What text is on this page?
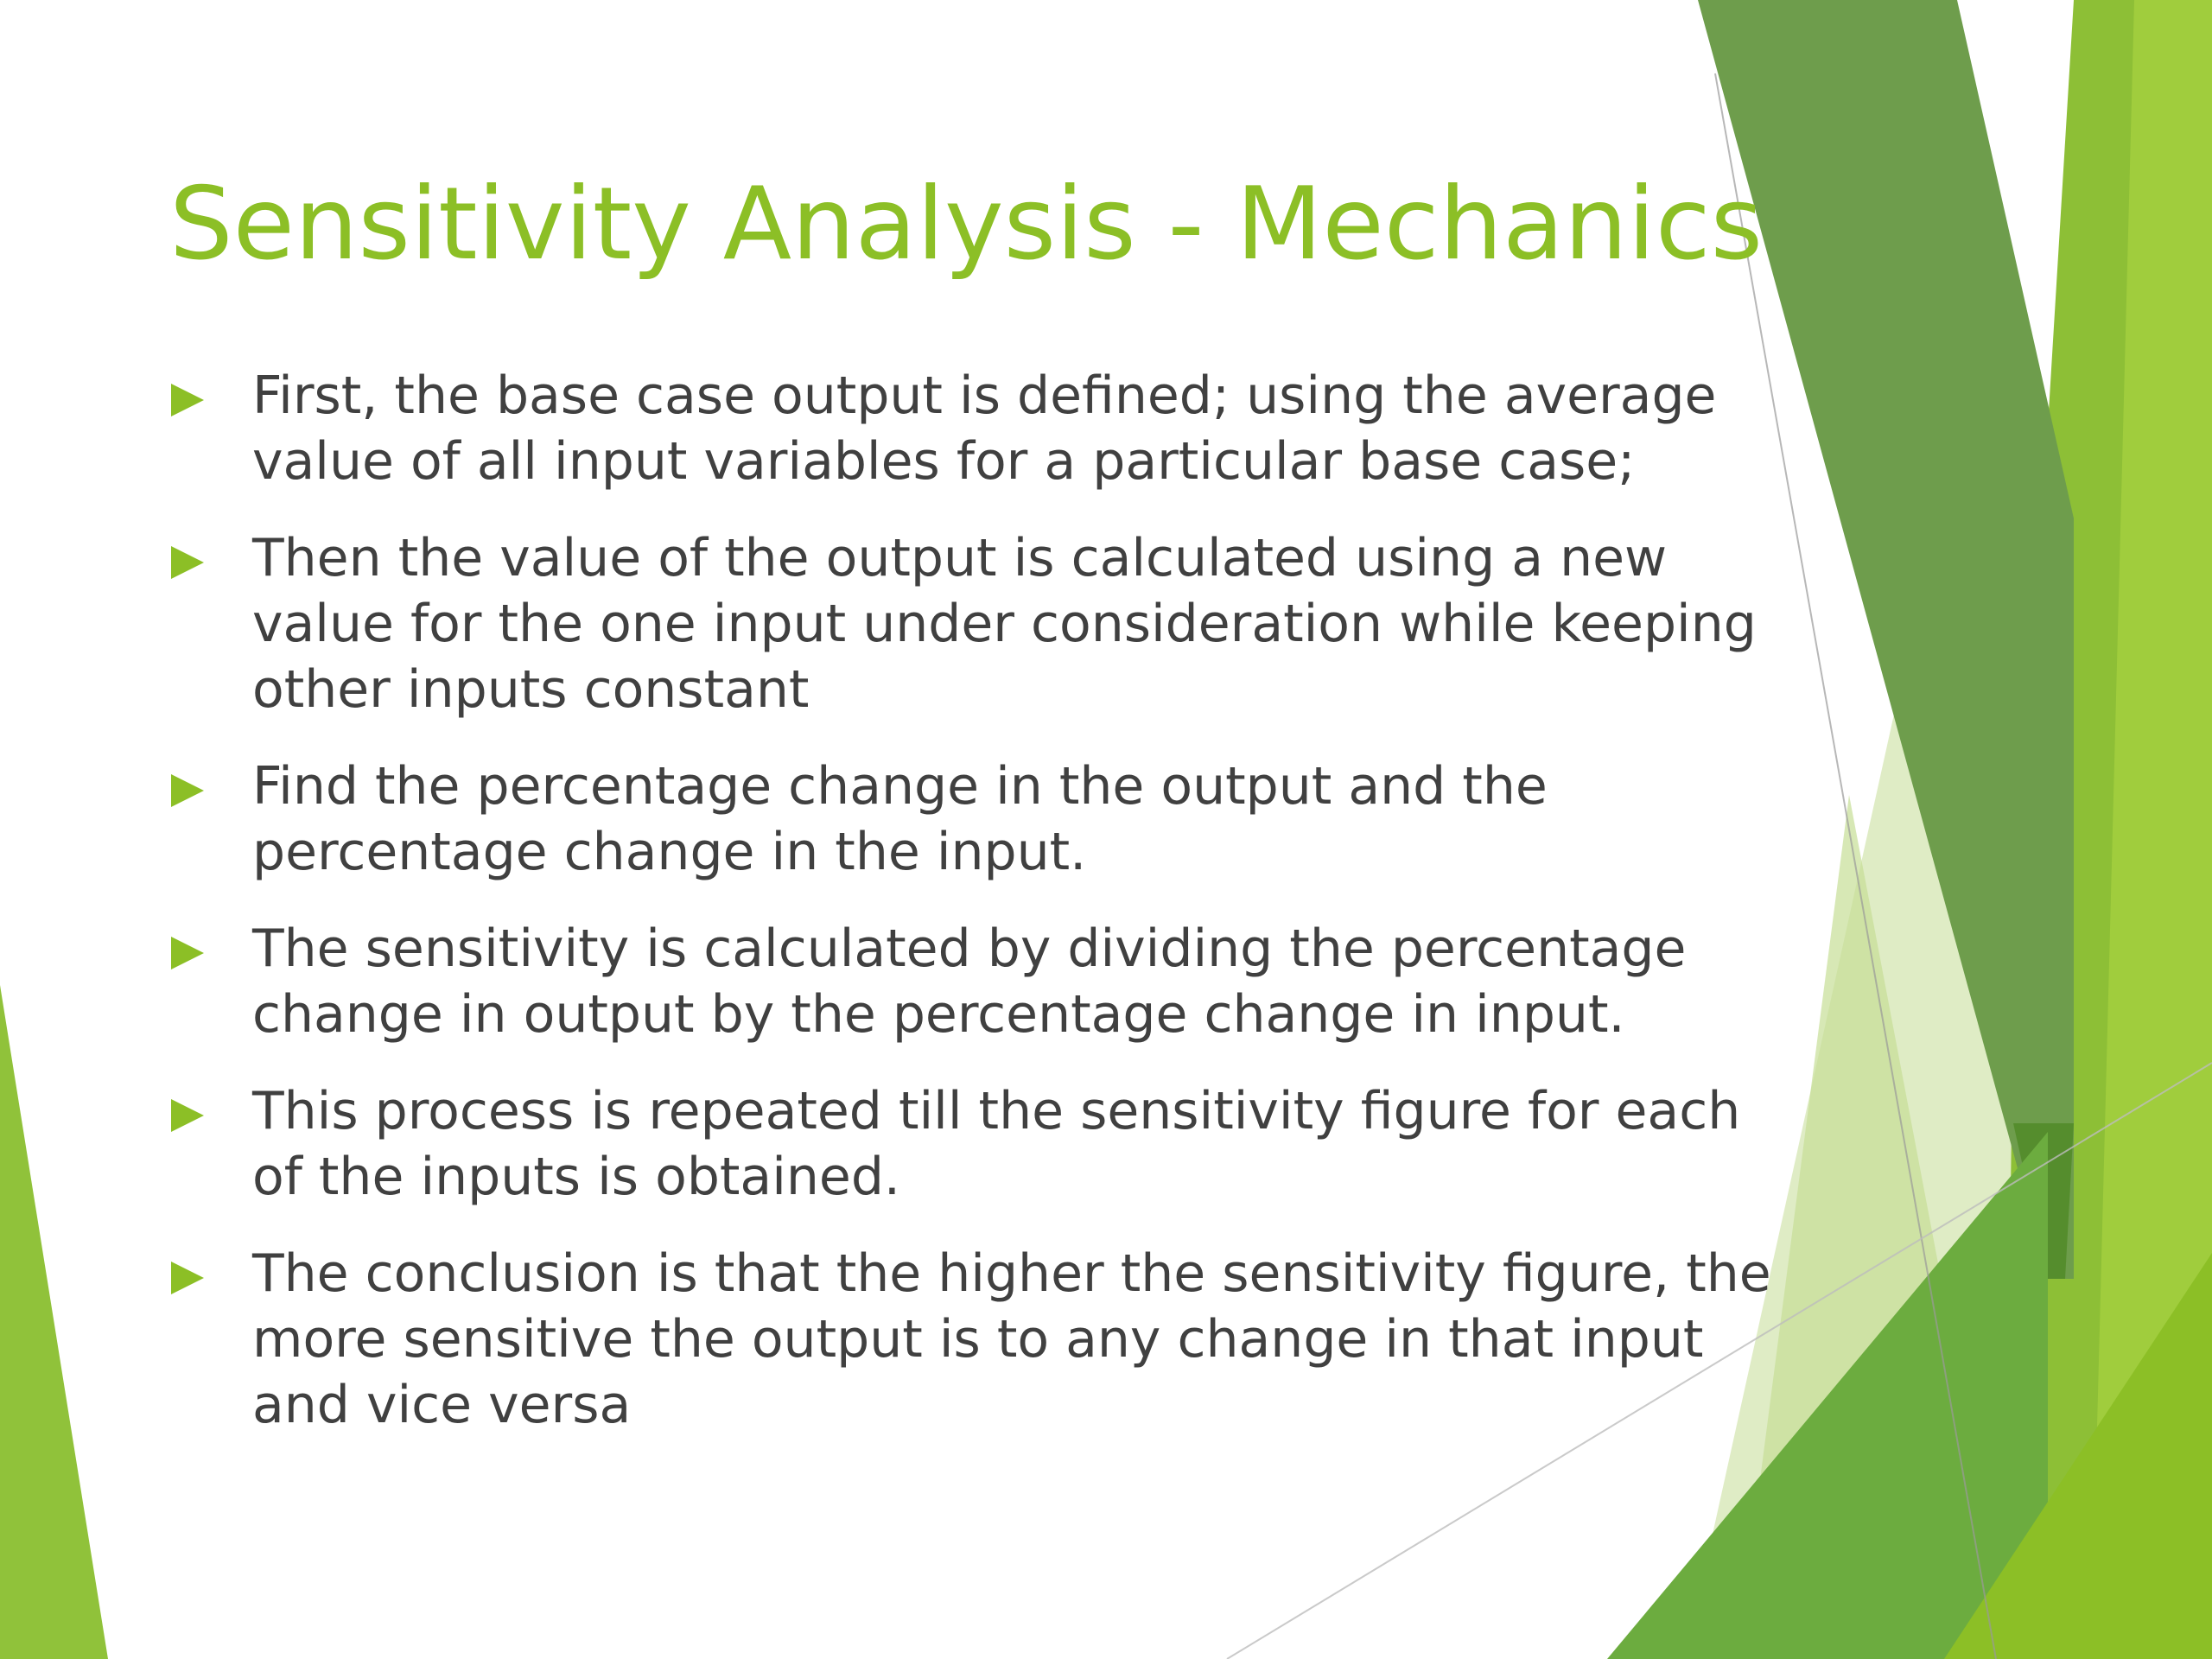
Sensitivity Analysis - Mechanics
First, the base case output is defined; using the average value of all input variables for a particular base case;
Then the value of the output is calculated using a new value for the one input under consideration while keeping other inputs constant
Find the percentage change in the output and the percentage change in the input.
The sensitivity is calculated by dividing the percentage change in output by the percentage change in input.
This process is repeated till the sensitivity figure for each of the inputs is obtained.
The conclusion is that the higher the sensitivity figure, the more sensitive the output is to any change in that input and vice versa
